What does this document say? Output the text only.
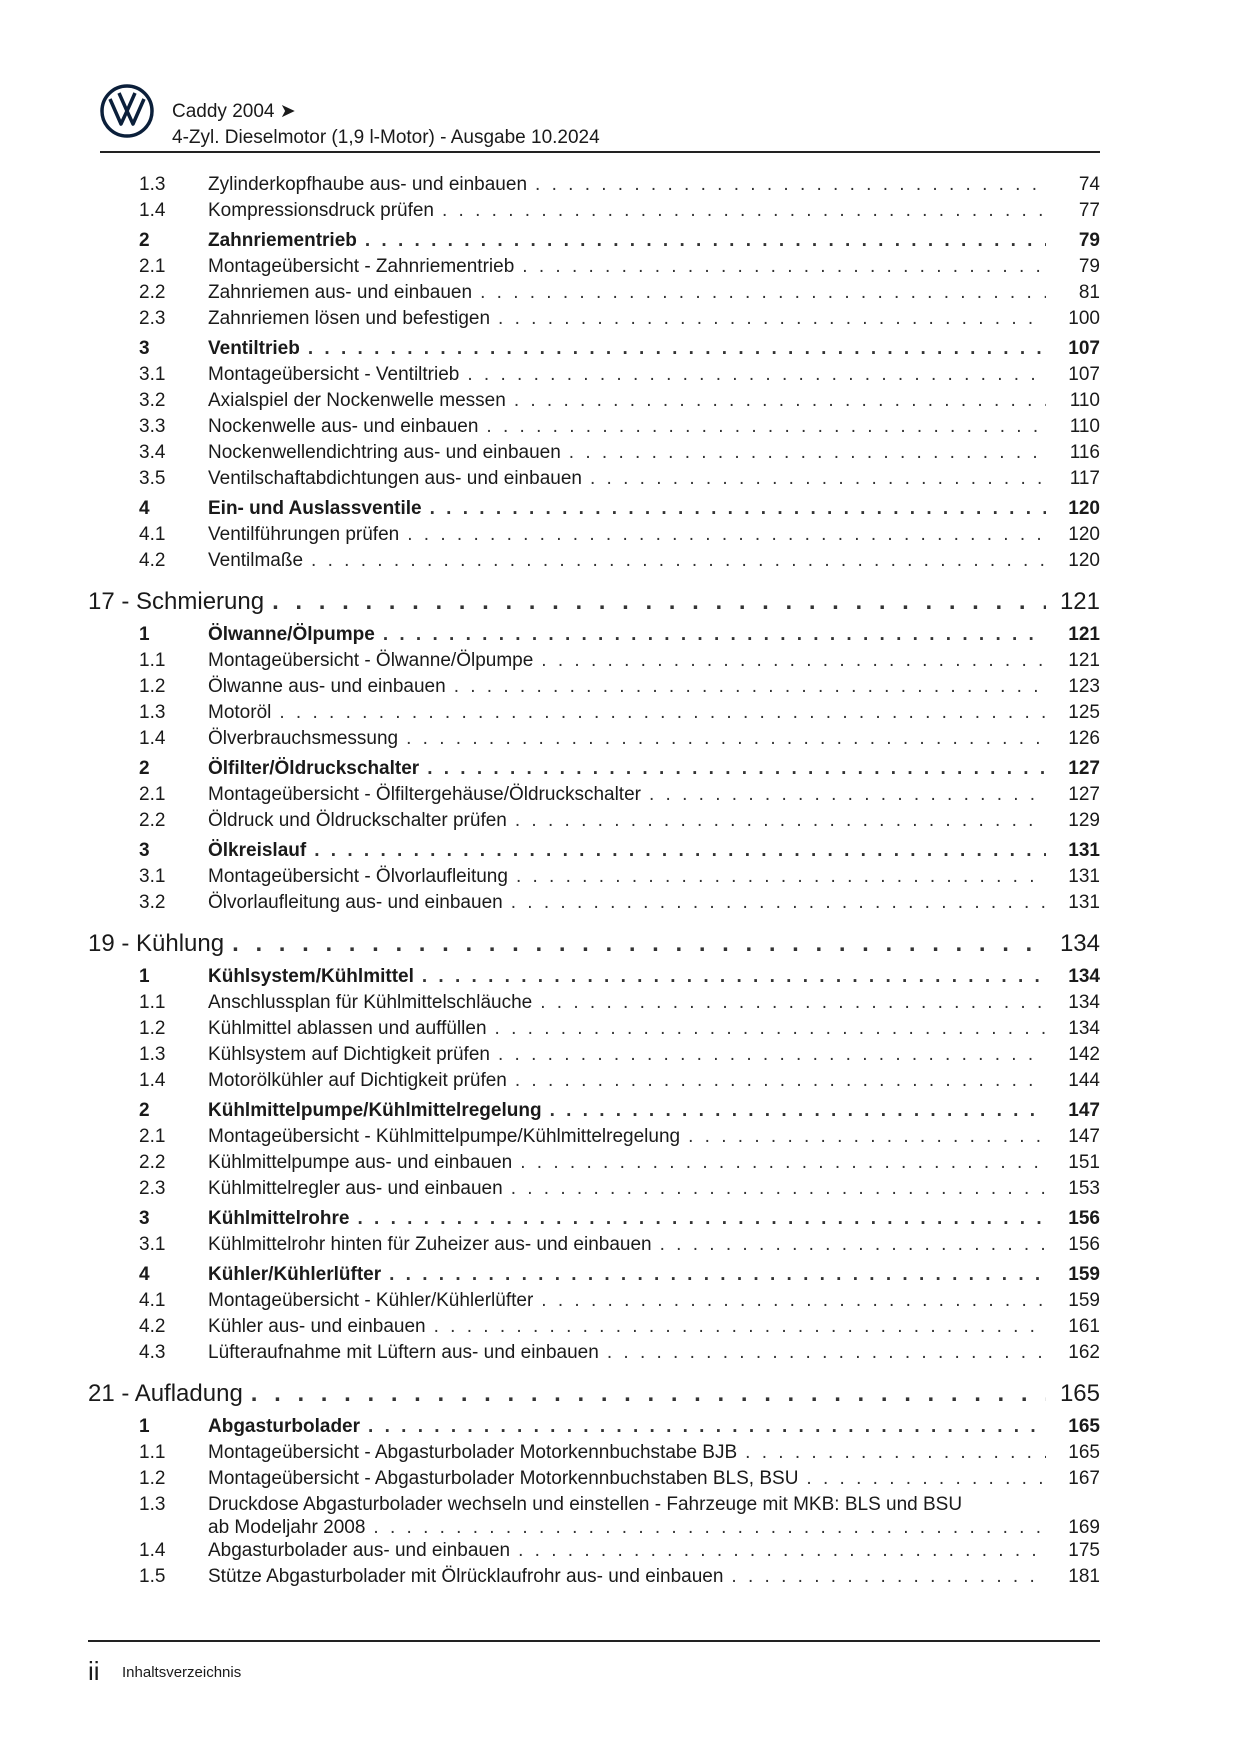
Caddy 2004 ➤
4-Zyl. Dieselmotor (1,9 l-Motor) - Ausgabe 10.2024
1.3	Zylinderkopfhaube aus- und einbauen . . .	74
1.4	Kompressionsdruck prüfen . . .	77
2	Zahnriementrieb . . .	79
2.1	Montageübersicht - Zahnriementrieb . . .	79
2.2	Zahnriemen aus- und einbauen . . .	81
2.3	Zahnriemen lösen und befestigen . . .	100
3	Ventiltrieb . . .	107
3.1	Montageübersicht - Ventiltrieb . . .	107
3.2	Axialspiel der Nockenwelle messen . . .	110
3.3	Nockenwelle aus- und einbauen . . .	110
3.4	Nockenwellendichtring aus- und einbauen . . .	116
3.5	Ventilschaftabdichtungen aus- und einbauen . . .	117
4	Ein- und Auslassventile . . .	120
4.1	Ventilführungen prüfen . . .	120
4.2	Ventilmaße . . .	120
17 - Schmierung . . .	121
1	Ölwanne/Ölpumpe . . .	121
1.1	Montageübersicht - Ölwanne/Ölpumpe . . .	121
1.2	Ölwanne aus- und einbauen . . .	123
1.3	Motoröl . . .	125
1.4	Ölverbrauchsmessung . . .	126
2	Ölfilter/Öldruckschalter . . .	127
2.1	Montageübersicht - Ölfiltergehäuse/Öldruckschalter . . .	127
2.2	Öldruck und Öldruckschalter prüfen . . .	129
3	Ölkreislauf . . .	131
3.1	Montageübersicht - Ölvorlaufleitung . . .	131
3.2	Ölvorlaufleitung aus- und einbauen . . .	131
19 - Kühlung . . .	134
1	Kühlsystem/Kühlmittel . . .	134
1.1	Anschlussplan für Kühlmittelschläuche . . .	134
1.2	Kühlmittel ablassen und auffüllen . . .	134
1.3	Kühlsystem auf Dichtigkeit prüfen . . .	142
1.4	Motorölkühler auf Dichtigkeit prüfen . . .	144
2	Kühlmittelpumpe/Kühlmittelregelung . . .	147
2.1	Montageübersicht - Kühlmittelpumpe/Kühlmittelregelung . . .	147
2.2	Kühlmittelpumpe aus- und einbauen . . .	151
2.3	Kühlmittelregler aus- und einbauen . . .	153
3	Kühlmittelrohre . . .	156
3.1	Kühlmittelrohr hinten für Zuheizer aus- und einbauen . . .	156
4	Kühler/Kühlerlüfter . . .	159
4.1	Montageübersicht - Kühler/Kühlerlüfter . . .	159
4.2	Kühler aus- und einbauen . . .	161
4.3	Lüfteraufnahme mit Lüftern aus- und einbauen . . .	162
21 - Aufladung . . .	165
1	Abgasturbolader . . .	165
1.1	Montageübersicht - Abgasturbolader Motorkennbuchstabe BJB . . .	165
1.2	Montageübersicht - Abgasturbolader Motorkennbuchstaben BLS, BSU . . .	167
1.3	Druckdose Abgasturbolader wechseln und einstellen - Fahrzeuge mit MKB: BLS und BSU
ab Modeljahr 2008 . . .	169
1.4	Abgasturbolader aus- und einbauen . . .	175
1.5	Stütze Abgasturbolader mit Ölrücklaufrohr aus- und einbauen . . .	181
ii Inhaltsverzeichnis
